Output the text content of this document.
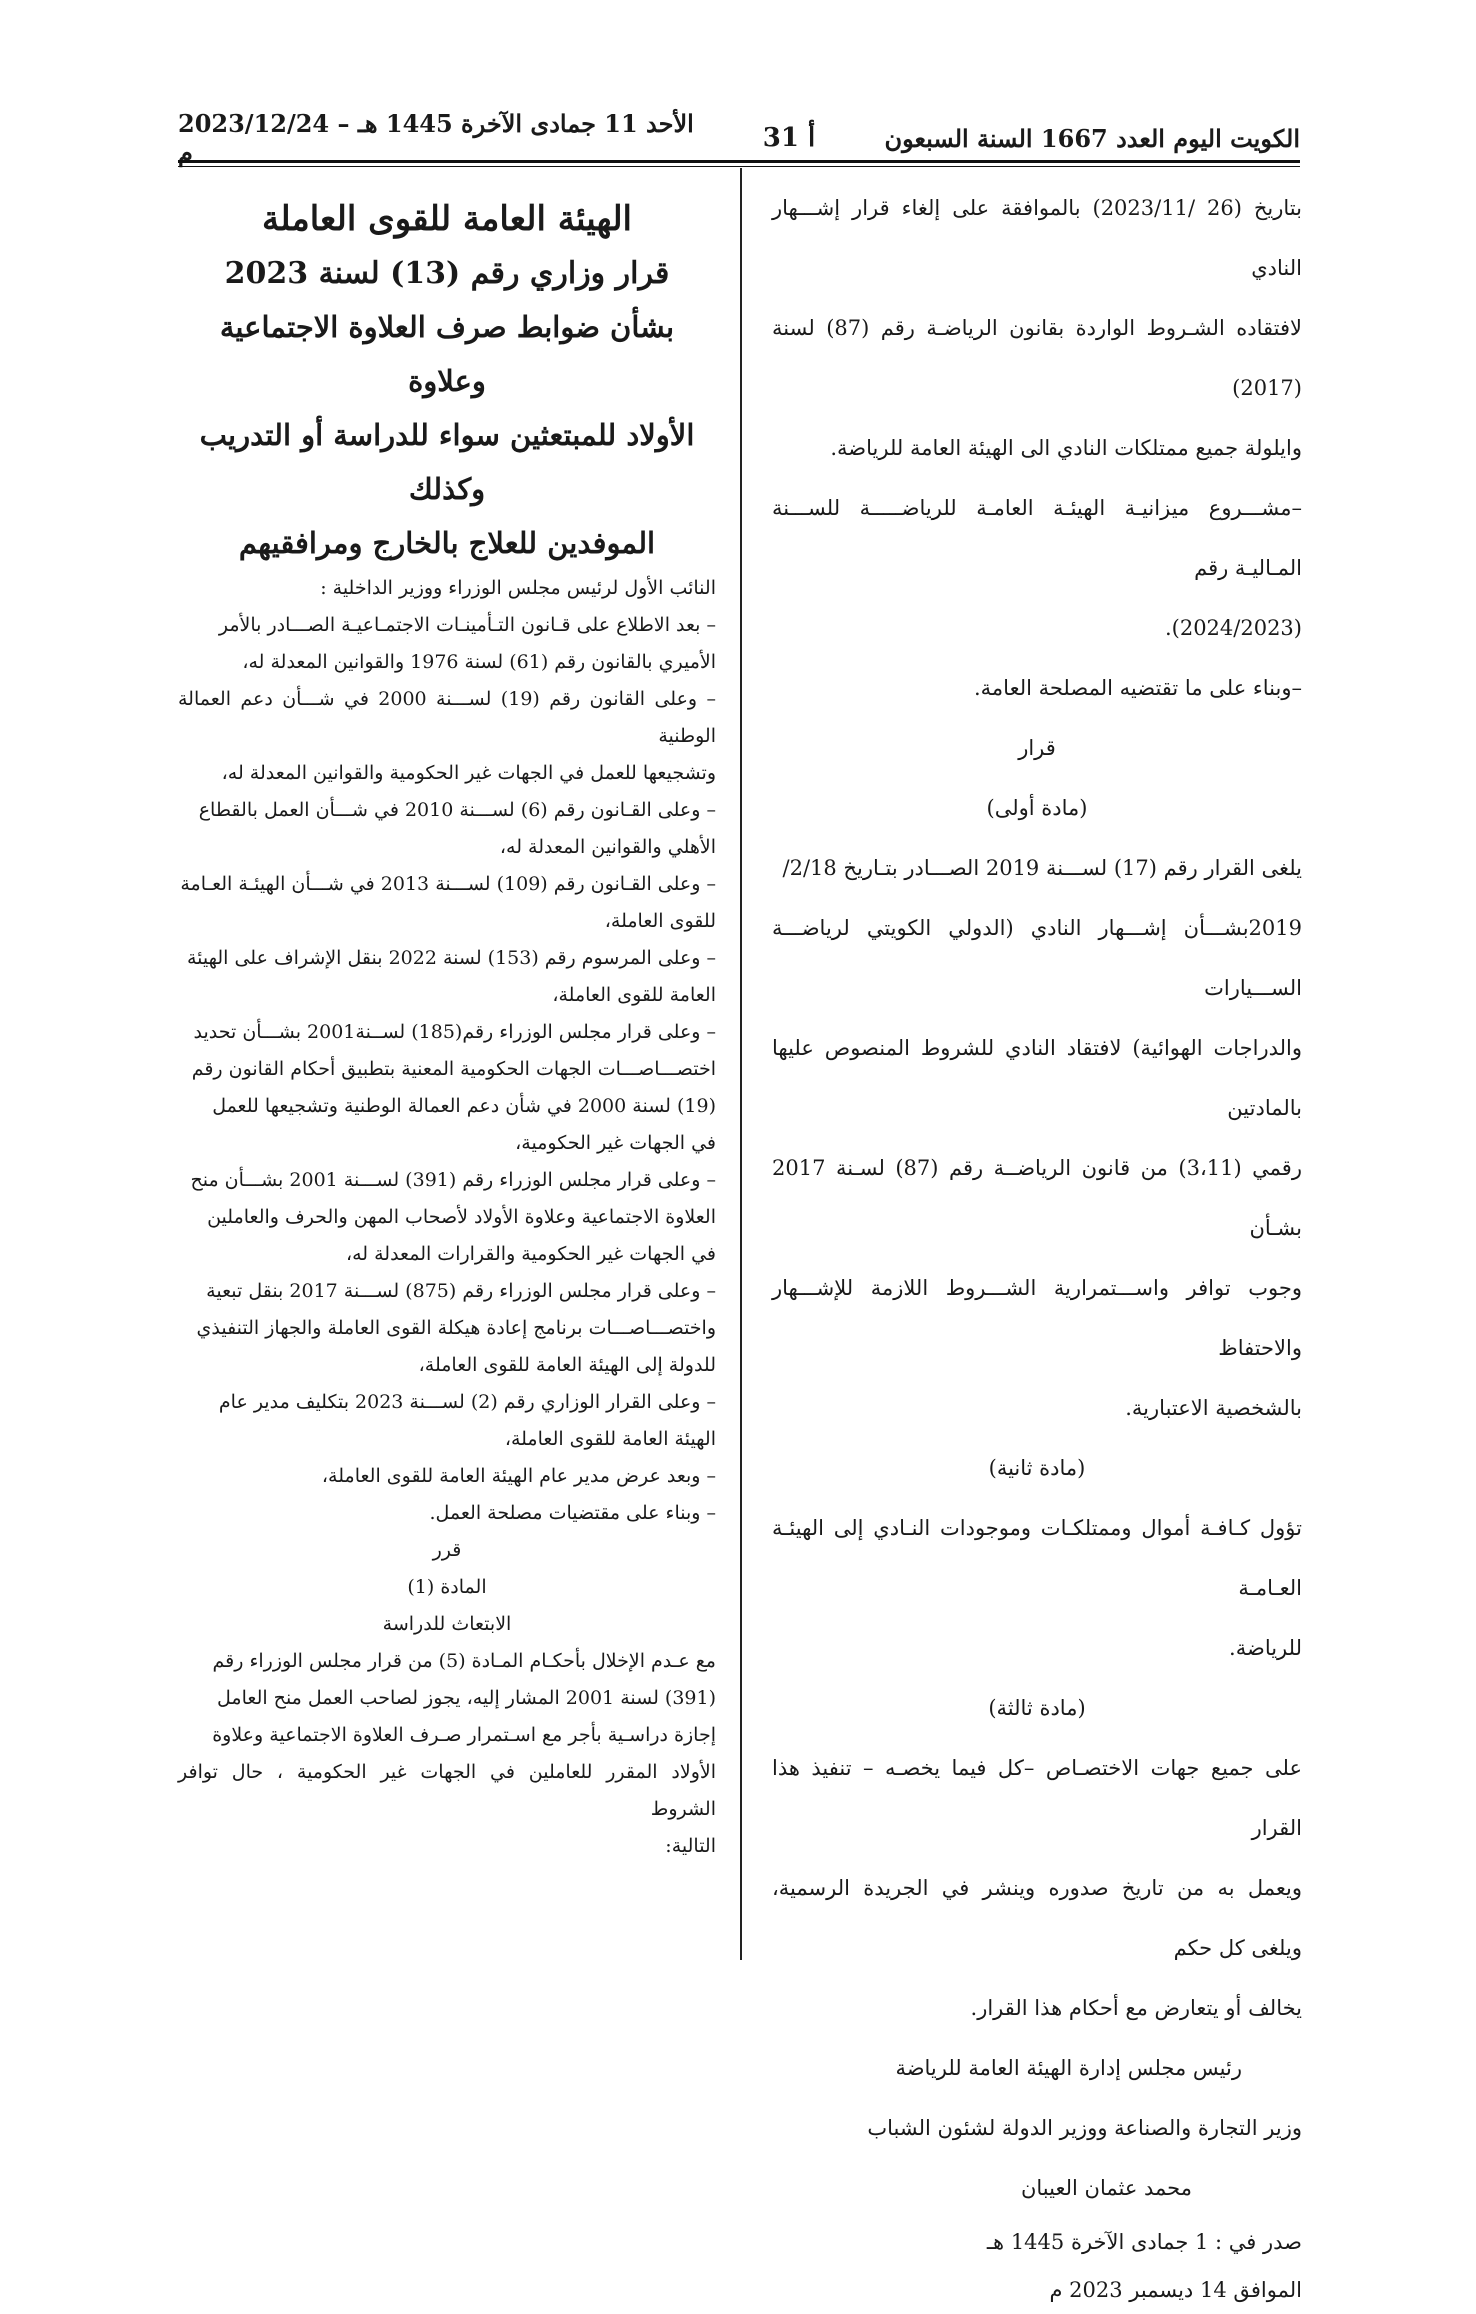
الكويت اليوم العدد 1667 السنة السبعون
أ 31
الأحد 11 جمادى الآخرة 1445 هـ – 2023/12/24 م

بتاريخ (26 /2023/11) بالموافقة على إلغاء قرار إشـــهار النادي

لافتقاده الشـروط الواردة بقانون الرياضـة رقم (87) لسنة (2017)

وايلولة جميع ممتلكات النادي الى الهيئة العامة للرياضة.

–مشـــروع ميزانيـة الهيئـة العامـة للرياضـــــة للســـنة المـاليـة رقم

(2024/2023).

–وبناء على ما تقتضيه المصلحة العامة.

قرار

(مادة أولى)

يلغى القرار رقم (17) لســـنة 2019 الصـــادر بتـاريخ 2/18/

2019بشـــأن إشـــهار النادي (الدولي الكويتي لرياضـــة الســـيارات

والدراجات الهوائية) لافتقاد النادي للشروط المنصوص عليها بالمادتين

رقمي (3،11) من قانون الرياضــة رقم (87) لسـنة 2017 بشـأن

وجوب توافر واســـتمرارية الشـــروط اللازمة للإشـــهار والاحتفاظ

بالشخصية الاعتبارية.

(مادة ثانية)

تؤول كـافـة أموال وممتلكـات وموجودات النـادي إلى الهيئـة العـامـة

للرياضة.

(مادة ثالثة)

على جميع جهات الاختصـاص –كل فيما يخصـه – تنفيذ هذا القرار

ويعمل به من تاريخ صدوره وينشر في الجريدة الرسمية، ويلغى كل حكم

يخالف أو يتعارض مع أحكام هذا القرار.

رئيس مجلس إدارة الهيئة العامة للرياضة

وزير التجارة والصناعة ووزير الدولة لشئون الشباب

محمد عثمان العيبان

صدر في : 1 جمادى الآخرة 1445 هـ

الموافق 14 ديسمبر 2023 م

الهيئة العامة للقوى العاملة

قرار وزاري رقم (13) لسنة 2023

بشأن ضوابط صرف العلاوة الاجتماعية وعلاوة

الأولاد للمبتعثين سواء للدراسة أو التدريب وكذلك

الموفدين للعلاج بالخارج ومرافقيهم

النائب الأول لرئيس مجلس الوزراء ووزير الداخلية :

– بعد الاطلاع على قـانون التـأمينـات الاجتمـاعيـة الصـــادر بالأمر

الأميري بالقانون رقم (61) لسنة 1976 والقوانين المعدلة له،

– وعلى القانون رقم (19) لســـنة 2000 في شـــأن دعم العمالة الوطنية

وتشجيعها للعمل في الجهات غير الحكومية والقوانين المعدلة له،

– وعلى القـانون رقم (6) لســـنة 2010 في شـــأن العمل بالقطاع

الأهلي والقوانين المعدلة له،

– وعلى القـانون رقم (109) لســـنة 2013 في شـــأن الهيئـة العـامة

للقوى العاملة،

– وعلى المرسوم رقم (153) لسنة 2022 بنقل الإشراف على الهيئة

العامة للقوى العاملة،

– وعلى قرار مجلس الوزراء رقم(185) لســنة2001 بشـــأن تحديد

اختصـــاصـــات الجهات الحكومية المعنية بتطبيق أحكام القانون رقم

(19) لسنة 2000 في شأن دعم العمالة الوطنية وتشجيعها للعمل

في الجهات غير الحكومية،

– وعلى قرار مجلس الوزراء رقم (391) لســـنة 2001 بشـــأن منح

العلاوة الاجتماعية وعلاوة الأولاد لأصحاب المهن والحرف والعاملين

في الجهات غير الحكومية والقرارات المعدلة له،

– وعلى قرار مجلس الوزراء رقم (875) لســـنة 2017 بنقل تبعية

واختصـــاصـــات برنامج إعادة هيكلة القوى العاملة والجهاز التنفيذي

للدولة إلى الهيئة العامة للقوى العاملة،

– وعلى القرار الوزاري رقم (2) لســـنة 2023 بتكليف مدير عام

الهيئة العامة للقوى العاملة،

– وبعد عرض مدير عام الهيئة العامة للقوى العاملة،

– وبناء على مقتضيات مصلحة العمل.

قرر

المادة (1)

الابتعاث للدراسة

مع عـدم الإخلال بأحكـام المـادة (5) من قرار مجلس الوزراء رقم

(391) لسنة 2001 المشار إليه، يجوز لصاحب العمل منح العامل

إجازة دراسـية بأجر مع اسـتمرار صـرف العلاوة الاجتماعية وعلاوة

الأولاد المقرر للعاملين في الجهات غير الحكومية ، حال توافر الشروط

التالية:
